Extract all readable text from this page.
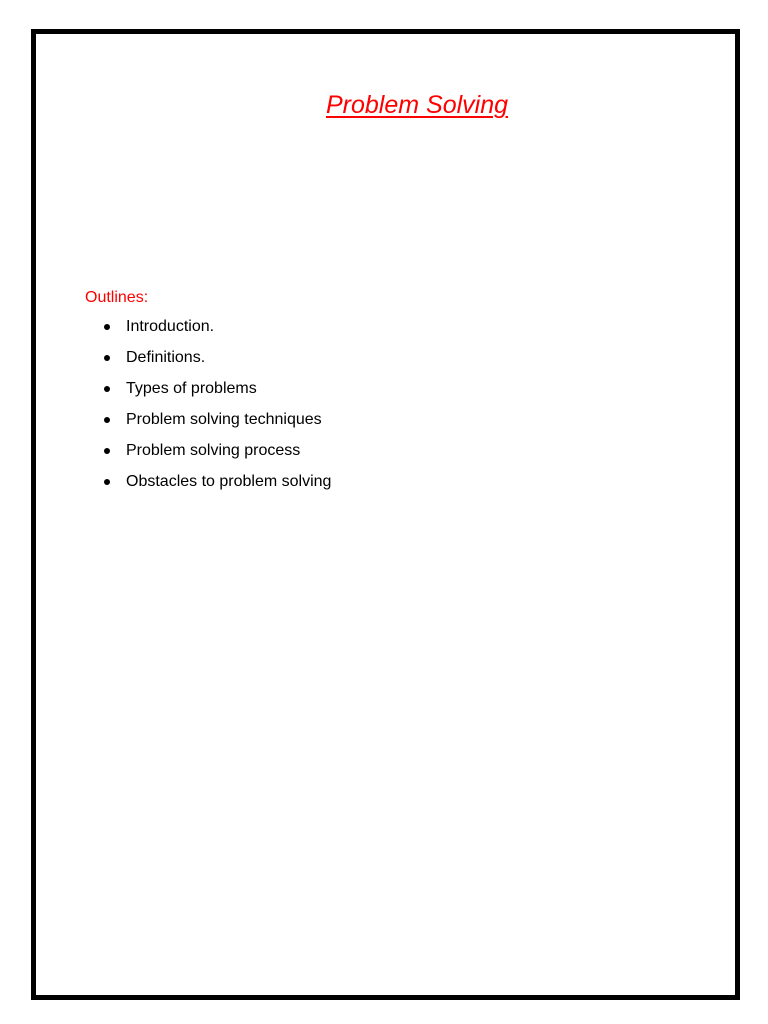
Problem Solving
Outlines:
Introduction.
Definitions.
Types of problems
Problem solving techniques
Problem solving process
Obstacles to problem solving
